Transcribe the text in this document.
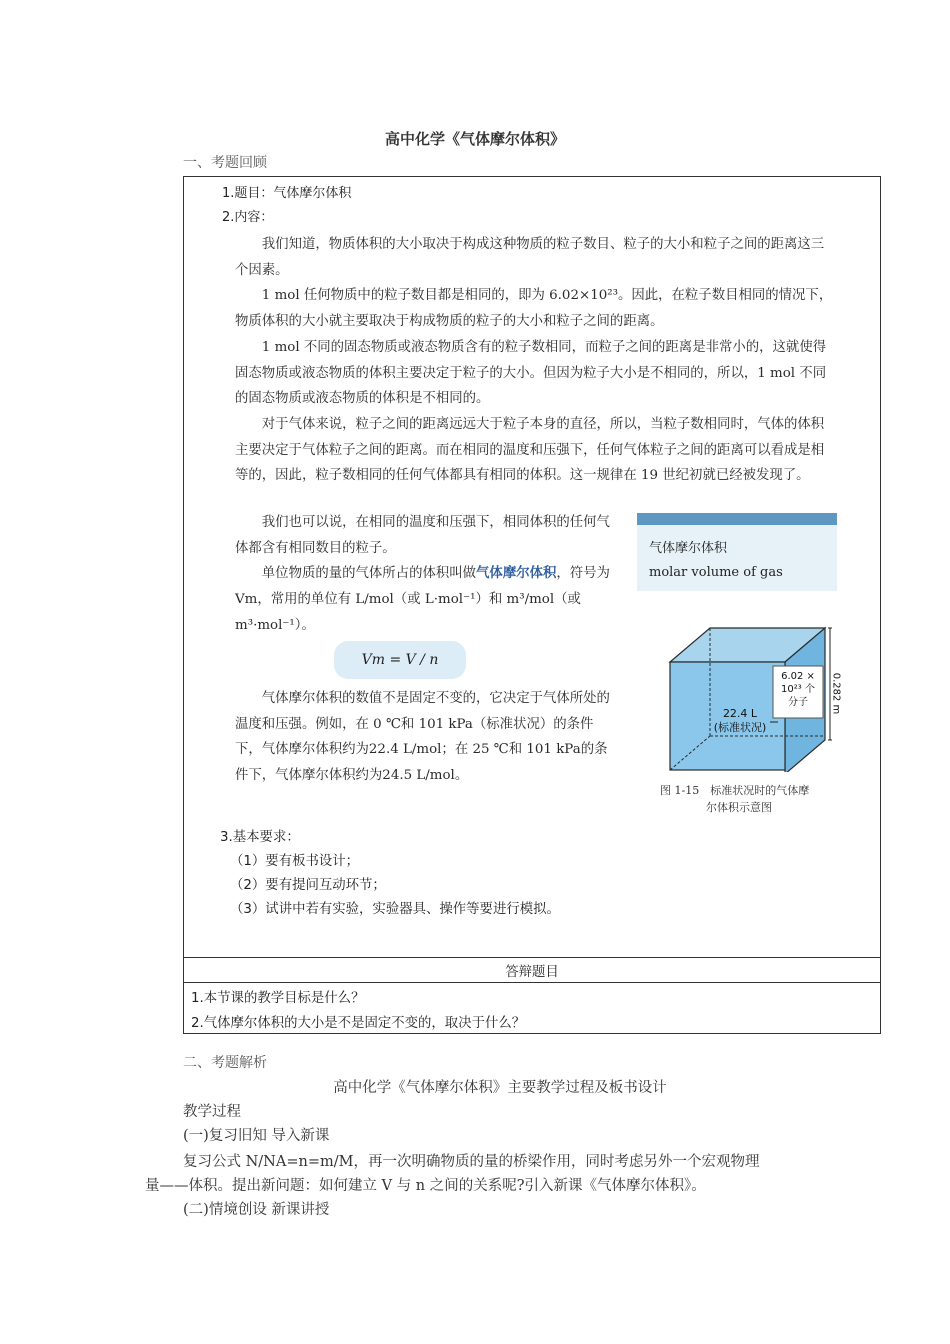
高中化学《气体摩尔体积》
一、考题回顾
1.题目：气体摩尔体积
2.内容：

我们知道，物质体积的大小取决于构成这种物质的粒子数目、粒子的大小和粒子之间的距离这三个因素。

1 mol 任何物质中的粒子数目都是相同的，即为 6.02×10²³。因此，在粒子数目相同的情况下，物质体积的大小就主要取决于构成物质的粒子的大小和粒子之间的距离。

1 mol 不同的固态物质或液态物质含有的粒子数相同，而粒子之间的距离是非常小的，这就使得固态物质或液态物质的体积主要决定于粒子的大小。但因为粒子大小是不相同的，所以，1 mol 不同的固态物质或液态物质的体积是不相同的。

对于气体来说，粒子之间的距离远远大于粒子本身的直径，所以，当粒子数相同时，气体的体积主要决定于气体粒子之间的距离。而在相同的温度和压强下，任何气体粒子之间的距离可以看成是相等的，因此，粒子数相同的任何气体都具有相同的体积。这一规律在 19 世纪初就已经被发现了。

我们也可以说，在相同的温度和压强下，相同体积的任何气体都含有相同数目的粒子。

单位物质的量的气体所占的体积叫做气体摩尔体积，符号为 Vm，常用的单位有 L/mol（或 L·mol⁻¹）和 m³/mol（或m³·mol⁻¹）。

Vm = V / n

气体摩尔体积的数值不是固定不变的，它决定于气体所处的温度和压强。例如，在 0 ℃和 101 kPa（标准状况）的条件下，气体摩尔体积约为22.4 L/mol；在 25 ℃和 101 kPa的条件下，气体摩尔体积约为24.5 L/mol。

气体摩尔体积
molar volume of gas
22.4 L
(标准状况)
6.02 ×
10²³ 个
分子	0.282 m
图 1-15　标准状况时的气体摩
尔体积示意图
3.基本要求：
（1）要有板书设计；
（2）要有提问互动环节；
（3）试讲中若有实验，实验器具、操作等要进行模拟。
答辩题目
1.本节课的教学目标是什么？
2.气体摩尔体积的大小是不是固定不变的，取决于什么？
二、考题解析
高中化学《气体摩尔体积》主要教学过程及板书设计
教学过程
(一)复习旧知 导入新课
复习公式 N/NA=n=m/M，再一次明确物质的量的桥梁作用，同时考虑另外一个宏观物理
量——体积。提出新问题：如何建立 V 与 n 之间的关系呢?引入新课《气体摩尔体积》。
(二)情境创设 新课讲授
